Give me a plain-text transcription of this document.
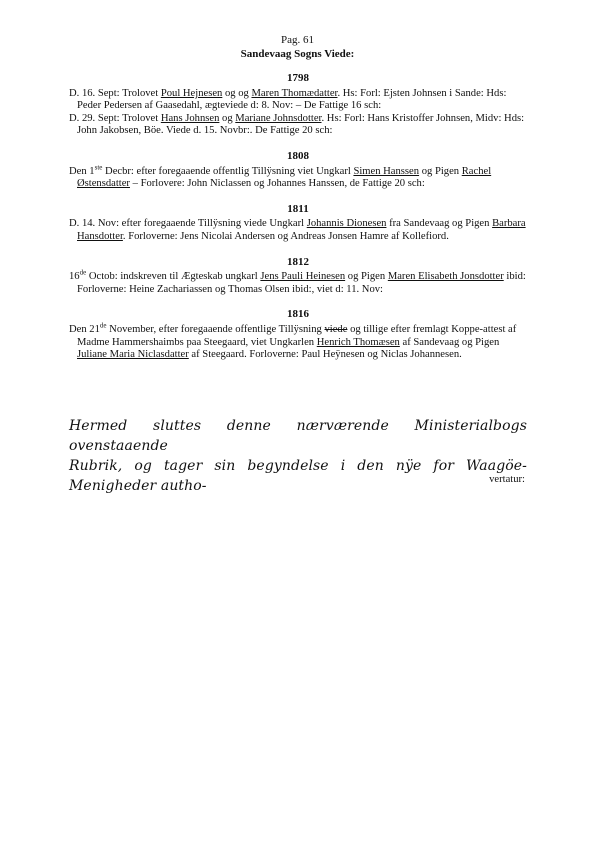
Pag. 61
Sandevaag Sogns Viede:
1798
D. 16. Sept: Trolovet Poul Hejnesen og og Maren Thomædatter. Hs: Forl: Ejsten Johnsen i Sande: Hds: Peder Pedersen af Gaasedahl, ægteviede d: 8. Nov: – De Fattige 16 sch:
D. 29. Sept: Trolovet Hans Johnsen og Mariane Johnsdotter. Hs: Forl: Hans Kristoffer Johnsen, Midv: Hds: John Jakobsen, Böe. Viede d. 15. Novbr:. De Fattige 20 sch:
1808
Den 1ste Decbr: efter foregaaende offentlig Tillÿsning viet Ungkarl Simen Hanssen og Pigen Rachel Østensdatter – Forlovere: John Niclassen og Johannes Hanssen, de Fattige 20 sch:
1811
D. 14. Nov: efter foregaaende Tillÿsning viede Ungkarl Johannis Dionesen fra Sandevaag og Pigen Barbara Hansdotter. Forloverne: Jens Nicolai Andersen og Andreas Jonsen Hamre af Kollefiord.
1812
16de Octob: indskreven til Ægteskab ungkarl Jens Pauli Heinesen og Pigen Maren Elisabeth Jonsdotter ibid: Forloverne: Heine Zachariassen og Thomas Olsen ibid:, viet d: 11. Nov:
1816
Den 21de November, efter foregaaende offentlige Tillÿsning viede og tillige efter fremlagt Koppe-attest af Madme Hammershaimbs paa Steegaard, viet Ungkarlen Henrich Thomæsen af Sandevaag og Pigen Juliane Maria Niclasdatter af Steegaard. Forloverne: Paul Heÿnesen og Niclas Johannesen.
Hermed sluttes denne nærværende Ministerialbogs ovenstaaende
Rubrik, og tager sin begyndelse i den nÿe for Waagöe-Menigheder autho-	vertatur:
